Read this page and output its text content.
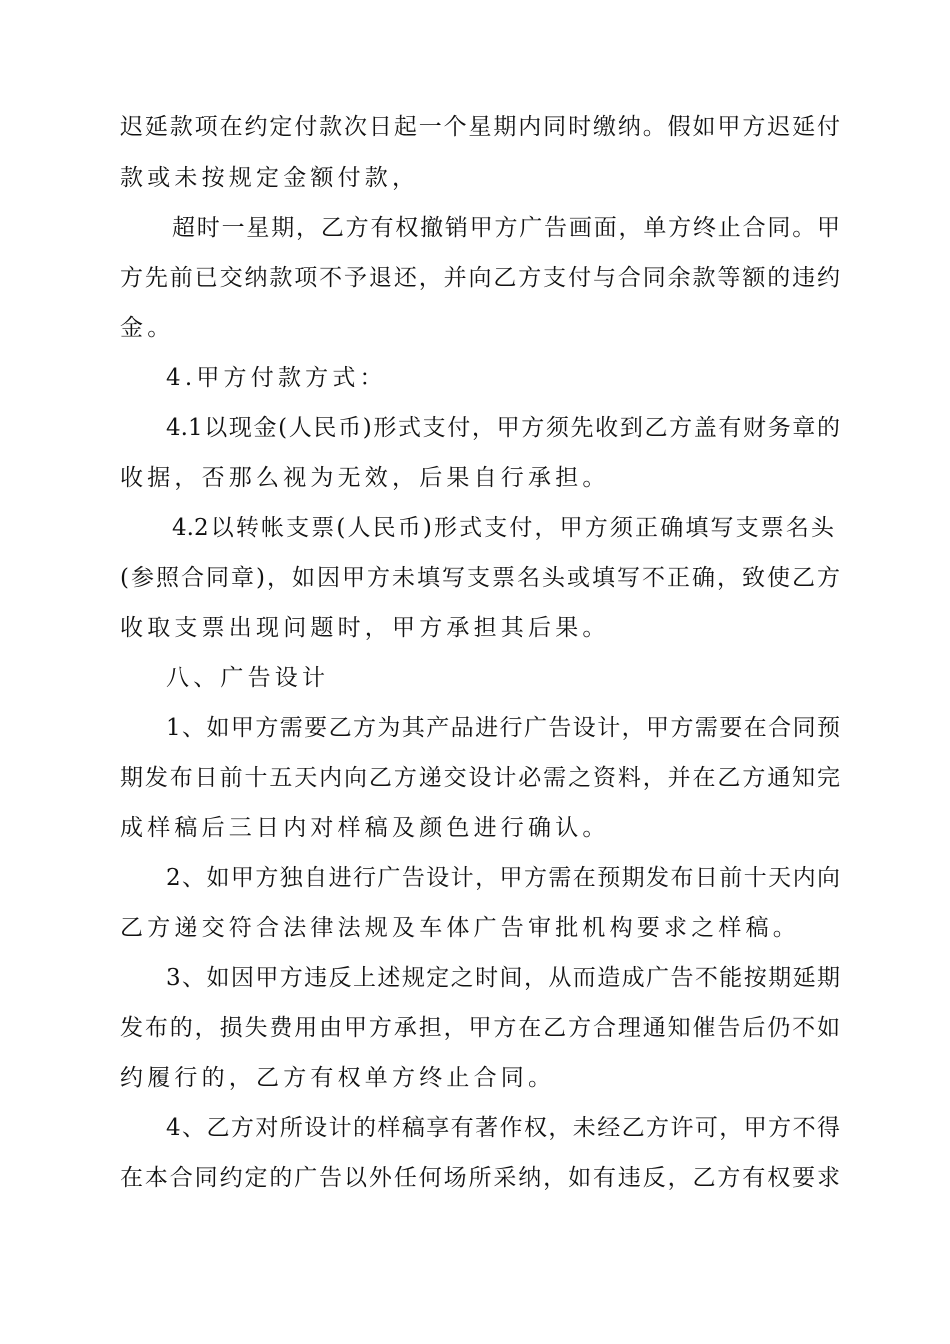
迟延款项在约定付款次日起一个星期内同时缴纳。假如甲方迟延付
款或未按规定金额付款，
超时一星期，乙方有权撤销甲方广告画面，单方终止合同。甲
方先前已交纳款项不予退还，并向乙方支付与合同余款等额的违约
金。
4.甲方付款方式：
4.1以现金(人民币)形式支付，甲方须先收到乙方盖有财务章的
收据，否那么视为无效，后果自行承担。
4.2以转帐支票(人民币)形式支付，甲方须正确填写支票名头
(参照合同章)，如因甲方未填写支票名头或填写不正确，致使乙方
收取支票出现问题时，甲方承担其后果。
八、广告设计
1、如甲方需要乙方为其产品进行广告设计，甲方需要在合同预
期发布日前十五天内向乙方递交设计必需之资料，并在乙方通知完
成样稿后三日内对样稿及颜色进行确认。
2、如甲方独自进行广告设计，甲方需在预期发布日前十天内向
乙方递交符合法律法规及车体广告审批机构要求之样稿。
3、如因甲方违反上述规定之时间，从而造成广告不能按期延期
发布的，损失费用由甲方承担，甲方在乙方合理通知催告后仍不如
约履行的，乙方有权单方终止合同。
4、乙方对所设计的样稿享有著作权，未经乙方许可，甲方不得
在本合同约定的广告以外任何场所采纳，如有违反，乙方有权要求
